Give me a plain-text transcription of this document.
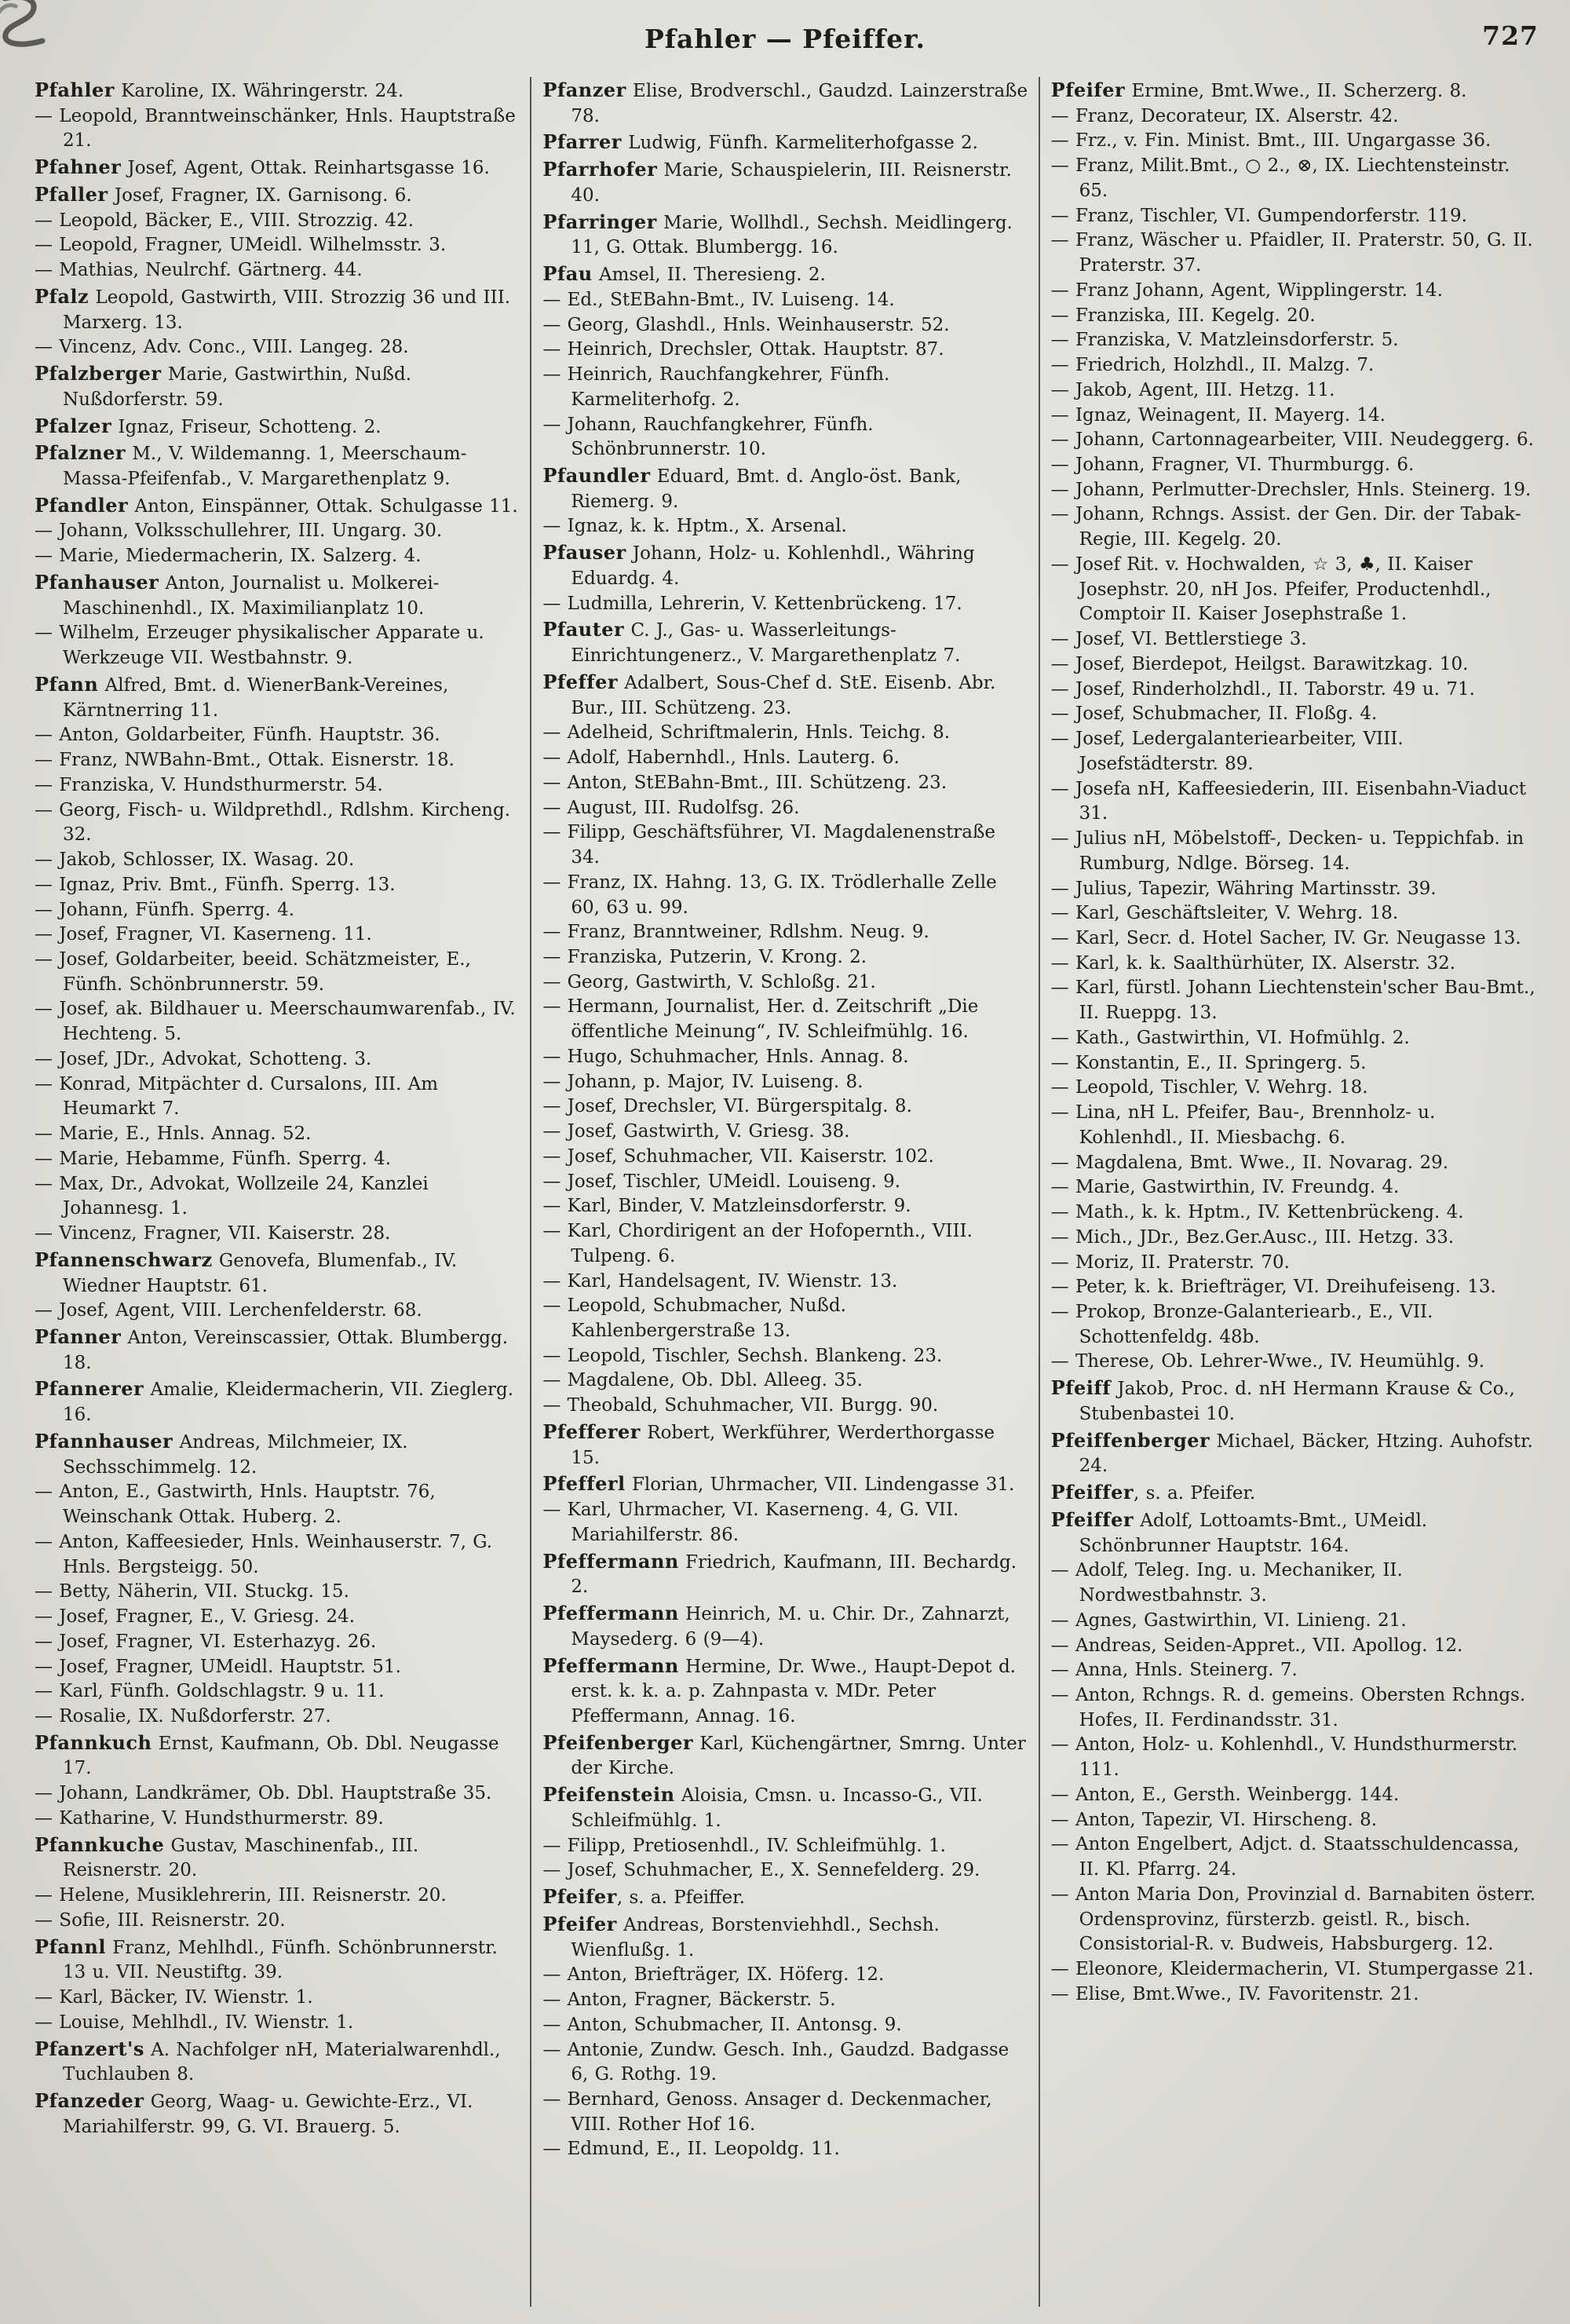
Pfahler — Pfeiffer.	727

Pfahler Karoline, IX. Währingerstr. 24.

— Leopold, Branntweinschänker, Hnls. Hauptstraße 21.

Pfahner Josef, Agent, Ottak. Reinhartsgasse 16.

Pfaller Josef, Fragner, IX. Garnisong. 6.

— Leopold, Bäcker, E., VIII. Strozzig. 42.

— Leopold, Fragner, UMeidl. Wilhelmsstr. 3.

— Mathias, Neulrchf. Gärtnerg. 44.

Pfalz Leopold, Gastwirth, VIII. Strozzig 36 und III. Marxerg. 13.

— Vincenz, Adv. Conc., VIII. Langeg. 28.

Pfalzberger Marie, Gastwirthin, Nußd. Nußdorferstr. 59.

Pfalzer Ignaz, Friseur, Schotteng. 2.

Pfalzner M., V. Wildemanng. 1, Meerschaum-Massa-Pfeifenfab., V. Margarethenplatz 9.

Pfandler Anton, Einspänner, Ottak. Schulgasse 11.

— Johann, Volksschullehrer, III. Ungarg. 30.

— Marie, Miedermacherin, IX. Salzerg. 4.

Pfanhauser Anton, Journalist u. Molkerei-Maschinenhdl., IX. Maximilianplatz 10.

— Wilhelm, Erzeuger physikalischer Apparate u. Werkzeuge VII. Westbahnstr. 9.

Pfann Alfred, Bmt. d. WienerBank-Vereines, Kärntnerring 11.

— Anton, Goldarbeiter, Fünfh. Hauptstr. 36.

— Franz, NWBahn-Bmt., Ottak. Eisnerstr. 18.

— Franziska, V. Hundsthurmerstr. 54.

— Georg, Fisch- u. Wildprethdl., Rdlshm. Kircheng. 32.

— Jakob, Schlosser, IX. Wasag. 20.

— Ignaz, Priv. Bmt., Fünfh. Sperrg. 13.

— Johann, Fünfh. Sperrg. 4.

— Josef, Fragner, VI. Kaserneng. 11.

— Josef, Goldarbeiter, beeid. Schätzmeister, E., Fünfh. Schönbrunnerstr. 59.

— Josef, ak. Bildhauer u. Meerschaumwarenfab., IV. Hechteng. 5.

— Josef, JDr., Advokat, Schotteng. 3.

— Konrad, Mitpächter d. Cursalons, III. Am Heumarkt 7.

— Marie, E., Hnls. Annag. 52.

— Marie, Hebamme, Fünfh. Sperrg. 4.

— Max, Dr., Advokat, Wollzeile 24, Kanzlei Johannesg. 1.

— Vincenz, Fragner, VII. Kaiserstr. 28.

Pfannenschwarz Genovefa, Blumenfab., IV. Wiedner Hauptstr. 61.

— Josef, Agent, VIII. Lerchenfelderstr. 68.

Pfanner Anton, Vereinscassier, Ottak. Blumbergg. 18.

Pfannerer Amalie, Kleidermacherin, VII. Zieglerg. 16.

Pfannhauser Andreas, Milchmeier, IX. Sechsschimmelg. 12.

— Anton, E., Gastwirth, Hnls. Hauptstr. 76, Weinschank Ottak. Huberg. 2.

— Anton, Kaffeesieder, Hnls. Weinhauserstr. 7, G. Hnls. Bergsteigg. 50.

— Betty, Näherin, VII. Stuckg. 15.

— Josef, Fragner, E., V. Griesg. 24.

— Josef, Fragner, VI. Esterhazyg. 26.

— Josef, Fragner, UMeidl. Hauptstr. 51.

— Karl, Fünfh. Goldschlagstr. 9 u. 11.

— Rosalie, IX. Nußdorferstr. 27.

Pfannkuch Ernst, Kaufmann, Ob. Dbl. Neugasse 17.

— Johann, Landkrämer, Ob. Dbl. Hauptstraße 35.

— Katharine, V. Hundsthurmerstr. 89.

Pfannkuche Gustav, Maschinenfab., III. Reisnerstr. 20.

— Helene, Musiklehrerin, III. Reisnerstr. 20.

— Sofie, III. Reisnerstr. 20.

Pfannl Franz, Mehlhdl., Fünfh. Schönbrunnerstr. 13 u. VII. Neustiftg. 39.

— Karl, Bäcker, IV. Wienstr. 1.

— Louise, Mehlhdl., IV. Wienstr. 1.

Pfanzert's A. Nachfolger nH, Materialwarenhdl., Tuchlauben 8.

Pfanzeder Georg, Waag- u. Gewichte-Erz., VI. Mariahilferstr. 99, G. VI. Brauerg. 5.

Pfanzer Elise, Brodverschl., Gaudzd. Lainzerstraße 78.

Pfarrer Ludwig, Fünfh. Karmeliterhofgasse 2.

Pfarrhofer Marie, Schauspielerin, III. Reisnerstr. 40.

Pfarringer Marie, Wollhdl., Sechsh. Meidlingerg. 11, G. Ottak. Blumbergg. 16.

Pfau Amsel, II. Theresieng. 2.

— Ed., StEBahn-Bmt., IV. Luiseng. 14.

— Georg, Glashdl., Hnls. Weinhauserstr. 52.

— Heinrich, Drechsler, Ottak. Hauptstr. 87.

— Heinrich, Rauchfangkehrer, Fünfh. Karmeliterhofg. 2.

— Johann, Rauchfangkehrer, Fünfh. Schönbrunnerstr. 10.

Pfaundler Eduard, Bmt. d. Anglo-öst. Bank, Riemerg. 9.

— Ignaz, k. k. Hptm., X. Arsenal.

Pfauser Johann, Holz- u. Kohlenhdl., Währing Eduardg. 4.

— Ludmilla, Lehrerin, V. Kettenbrückeng. 17.

Pfauter C. J., Gas- u. Wasserleitungs-Einrichtungenerz., V. Margarethenplatz 7.

Pfeffer Adalbert, Sous-Chef d. StE. Eisenb. Abr. Bur., III. Schützeng. 23.

— Adelheid, Schriftmalerin, Hnls. Teichg. 8.

— Adolf, Habernhdl., Hnls. Lauterg. 6.

— Anton, StEBahn-Bmt., III. Schützeng. 23.

— August, III. Rudolfsg. 26.

— Filipp, Geschäftsführer, VI. Magdalenenstraße 34.

— Franz, IX. Hahng. 13, G. IX. Trödlerhalle Zelle 60, 63 u. 99.

— Franz, Branntweiner, Rdlshm. Neug. 9.

— Franziska, Putzerin, V. Krong. 2.

— Georg, Gastwirth, V. Schloßg. 21.

— Hermann, Journalist, Her. d. Zeitschrift „Die öffentliche Meinung“, IV. Schleifmühlg. 16.

— Hugo, Schuhmacher, Hnls. Annag. 8.

— Johann, p. Major, IV. Luiseng. 8.

— Josef, Drechsler, VI. Bürgerspitalg. 8.

— Josef, Gastwirth, V. Griesg. 38.

— Josef, Schuhmacher, VII. Kaiserstr. 102.

— Josef, Tischler, UMeidl. Louiseng. 9.

— Karl, Binder, V. Matzleinsdorferstr. 9.

— Karl, Chordirigent an der Hofopernth., VIII. Tulpeng. 6.

— Karl, Handelsagent, IV. Wienstr. 13.

— Leopold, Schubmacher, Nußd. Kahlenbergerstraße 13.

— Leopold, Tischler, Sechsh. Blankeng. 23.

— Magdalene, Ob. Dbl. Alleeg. 35.

— Theobald, Schuhmacher, VII. Burgg. 90.

Pfefferer Robert, Werkführer, Werderthorgasse 15.

Pfefferl Florian, Uhrmacher, VII. Lindengasse 31.

— Karl, Uhrmacher, VI. Kaserneng. 4, G. VII. Mariahilferstr. 86.

Pfeffermann Friedrich, Kaufmann, III. Bechardg. 2.

Pfeffermann Heinrich, M. u. Chir. Dr., Zahnarzt, Maysederg. 6 (9—4).

Pfeffermann Hermine, Dr. Wwe., Haupt-Depot d. erst. k. k. a. p. Zahnpasta v. MDr. Peter Pfeffermann, Annag. 16.

Pfeifenberger Karl, Küchengärtner, Smrng. Unter der Kirche.

Pfeifenstein Aloisia, Cmsn. u. Incasso-G., VII. Schleifmühlg. 1.

— Filipp, Pretiosenhdl., IV. Schleifmühlg. 1.

— Josef, Schuhmacher, E., X. Sennefelderg. 29.

Pfeifer, s. a. Pfeiffer.

Pfeifer Andreas, Borstenviehhdl., Sechsh. Wienflußg. 1.

— Anton, Briefträger, IX. Höferg. 12.

— Anton, Fragner, Bäckerstr. 5.

— Anton, Schubmacher, II. Antonsg. 9.

— Antonie, Zundw. Gesch. Inh., Gaudzd. Badgasse 6, G. Rothg. 19.

— Bernhard, Genoss. Ansager d. Deckenmacher, VIII. Rother Hof 16.

— Edmund, E., II. Leopoldg. 11.

Pfeifer Ermine, Bmt.Wwe., II. Scherzerg. 8.

— Franz, Decorateur, IX. Alserstr. 42.

— Frz., v. Fin. Minist. Bmt., III. Ungargasse 36.

— Franz, Milit.Bmt., ○ 2., ⊗, IX. Liechtensteinstr. 65.

— Franz, Tischler, VI. Gumpendorferstr. 119.

— Franz, Wäscher u. Pfaidler, II. Praterstr. 50, G. II. Praterstr. 37.

— Franz Johann, Agent, Wipplingerstr. 14.

— Franziska, III. Kegelg. 20.

— Franziska, V. Matzleinsdorferstr. 5.

— Friedrich, Holzhdl., II. Malzg. 7.

— Jakob, Agent, III. Hetzg. 11.

— Ignaz, Weinagent, II. Mayerg. 14.

— Johann, Cartonnagearbeiter, VIII. Neudeggerg. 6.

— Johann, Fragner, VI. Thurmburgg. 6.

— Johann, Perlmutter-Drechsler, Hnls. Steinerg. 19.

— Johann, Rchngs. Assist. der Gen. Dir. der Tabak-Regie, III. Kegelg. 20.

— Josef Rit. v. Hochwalden, ☆ 3, ♣, II. Kaiser Josephstr. 20, nH Jos. Pfeifer, Productenhdl., Comptoir II. Kaiser Josephstraße 1.

— Josef, VI. Bettlerstiege 3.

— Josef, Bierdepot, Heilgst. Barawitzkag. 10.

— Josef, Rinderholzhdl., II. Taborstr. 49 u. 71.

— Josef, Schubmacher, II. Floßg. 4.

— Josef, Ledergalanteriearbeiter, VIII. Josefstädterstr. 89.

— Josefa nH, Kaffeesiederin, III. Eisenbahn-Viaduct 31.

— Julius nH, Möbelstoff-, Decken- u. Teppichfab. in Rumburg, Ndlge. Börseg. 14.

— Julius, Tapezir, Währing Martinsstr. 39.

— Karl, Geschäftsleiter, V. Wehrg. 18.

— Karl, Secr. d. Hotel Sacher, IV. Gr. Neugasse 13.

— Karl, k. k. Saalthürhüter, IX. Alserstr. 32.

— Karl, fürstl. Johann Liechtenstein'scher Bau-Bmt., II. Rueppg. 13.

— Kath., Gastwirthin, VI. Hofmühlg. 2.

— Konstantin, E., II. Springerg. 5.

— Leopold, Tischler, V. Wehrg. 18.

— Lina, nH L. Pfeifer, Bau-, Brennholz- u. Kohlenhdl., II. Miesbachg. 6.

— Magdalena, Bmt. Wwe., II. Novarag. 29.

— Marie, Gastwirthin, IV. Freundg. 4.

— Math., k. k. Hptm., IV. Kettenbrückeng. 4.

— Mich., JDr., Bez.Ger.Ausc., III. Hetzg. 33.

— Moriz, II. Praterstr. 70.

— Peter, k. k. Briefträger, VI. Dreihufeiseng. 13.

— Prokop, Bronze-Galanteriearb., E., VII. Schottenfeldg. 48b.

— Therese, Ob. Lehrer-Wwe., IV. Heumühlg. 9.

Pfeiff Jakob, Proc. d. nH Hermann Krause & Co., Stubenbastei 10.

Pfeiffenberger Michael, Bäcker, Htzing. Auhofstr. 24.

Pfeiffer, s. a. Pfeifer.

Pfeiffer Adolf, Lottoamts-Bmt., UMeidl. Schönbrunner Hauptstr. 164.

— Adolf, Teleg. Ing. u. Mechaniker, II. Nordwestbahnstr. 3.

— Agnes, Gastwirthin, VI. Linieng. 21.

— Andreas, Seiden-Appret., VII. Apollog. 12.

— Anna, Hnls. Steinerg. 7.

— Anton, Rchngs. R. d. gemeins. Obersten Rchngs. Hofes, II. Ferdinandsstr. 31.

— Anton, Holz- u. Kohlenhdl., V. Hundsthurmerstr. 111.

— Anton, E., Gersth. Weinbergg. 144.

— Anton, Tapezir, VI. Hirscheng. 8.

— Anton Engelbert, Adjct. d. Staatsschuldencassa, II. Kl. Pfarrg. 24.

— Anton Maria Don, Provinzial d. Barnabiten österr. Ordensprovinz, fürsterzb. geistl. R., bisch. Consistorial-R. v. Budweis, Habsburgerg. 12.

— Eleonore, Kleidermacherin, VI. Stumpergasse 21.

— Elise, Bmt.Wwe., IV. Favoritenstr. 21.
